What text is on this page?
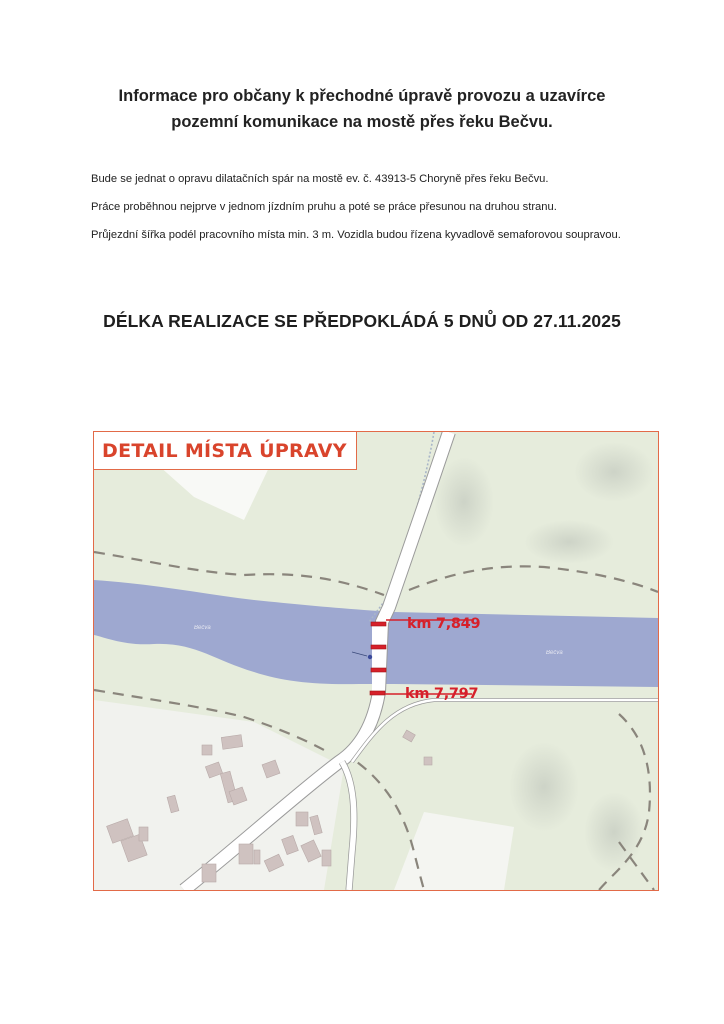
Informace pro občany k přechodné úpravě provozu a uzavírce
pozemní komunikace na mostě přes řeku Bečvu.
Bude se jednat o opravu dilatačních spár na mostě ev. č. 43913-5 Choryně přes řeku Bečvu.
Práce proběhnou nejprve v jednom jízdním pruhu a poté se práce přesunou na druhou stranu.
Průjezdní šířka podél pracovního místa min. 3 m. Vozidla budou řízena kyvadlově semaforovou soupravou.
DÉLKA REALIZACE SE PŘEDPOKLÁDÁ 5 DNŮ OD 27.11.2025
Bečva
Bečva
DETAIL MÍSTA ÚPRAVY
km 7,849
km 7,797
